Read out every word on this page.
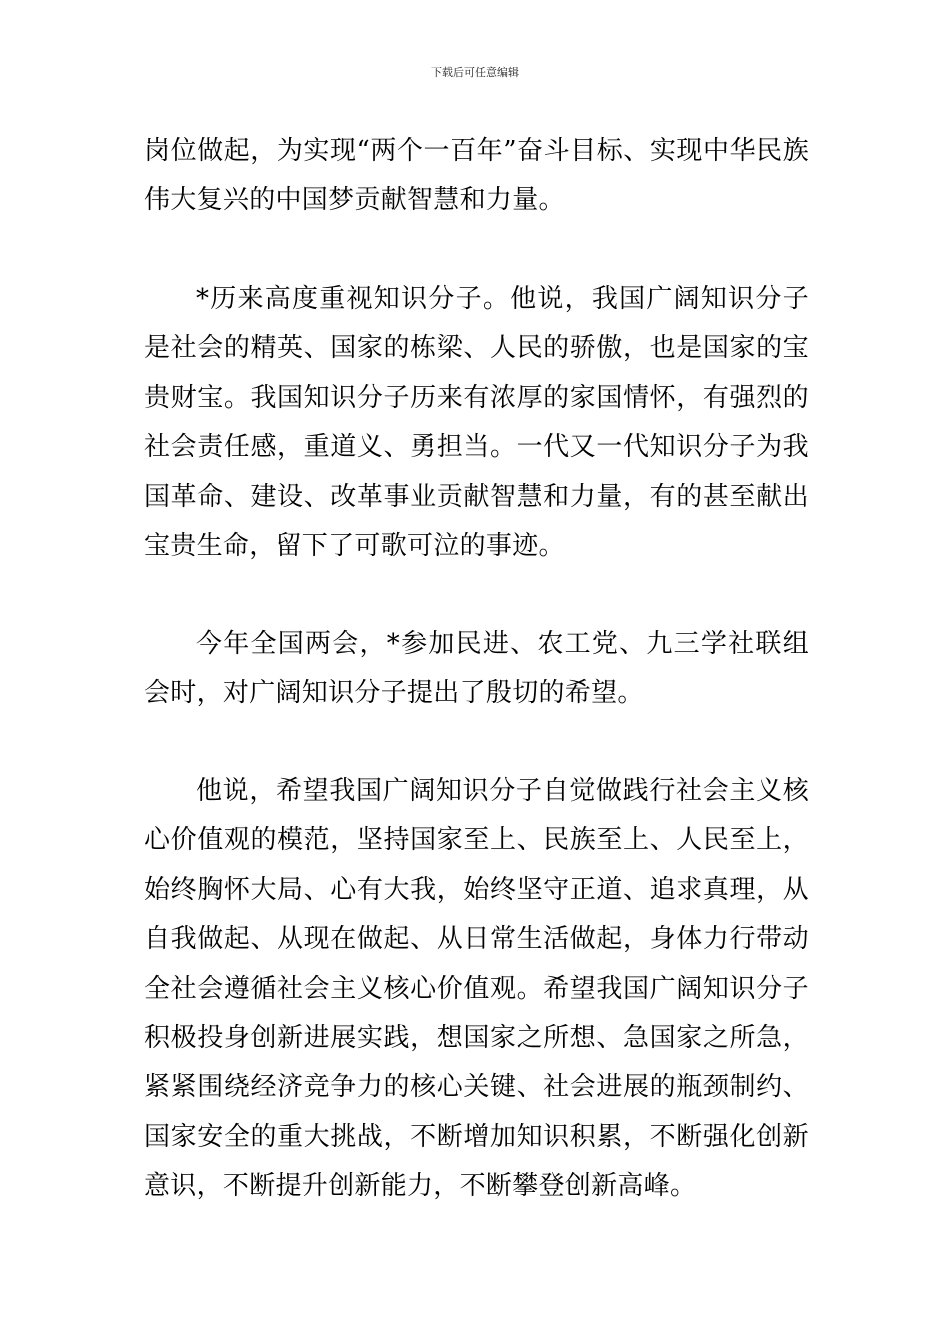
下载后可任意编辑

岗位做起，为实现“两个一百年”奋斗目标、实现中华民族伟大复兴的中国梦贡献智慧和力量。

*历来高度重视知识分子。他说，我国广阔知识分子是社会的精英、国家的栋梁、人民的骄傲，也是国家的宝贵财宝。我国知识分子历来有浓厚的家国情怀，有强烈的社会责任感，重道义、勇担当。一代又一代知识分子为我国革命、建设、改革事业贡献智慧和力量，有的甚至献出宝贵生命，留下了可歌可泣的事迹。

今年全国两会，*参加民进、农工党、九三学社联组会时，对广阔知识分子提出了殷切的希望。

他说，希望我国广阔知识分子自觉做践行社会主义核心价值观的模范，坚持国家至上、民族至上、人民至上，始终胸怀大局、心有大我，始终坚守正道、追求真理，从自我做起、从现在做起、从日常生活做起，身体力行带动全社会遵循社会主义核心价值观。希望我国广阔知识分子积极投身创新进展实践，想国家之所想、急国家之所急，紧紧围绕经济竞争力的核心关键、社会进展的瓶颈制约、国家安全的重大挑战，不断增加知识积累，不断强化创新意识，不断提升创新能力，不断攀登创新高峰。
